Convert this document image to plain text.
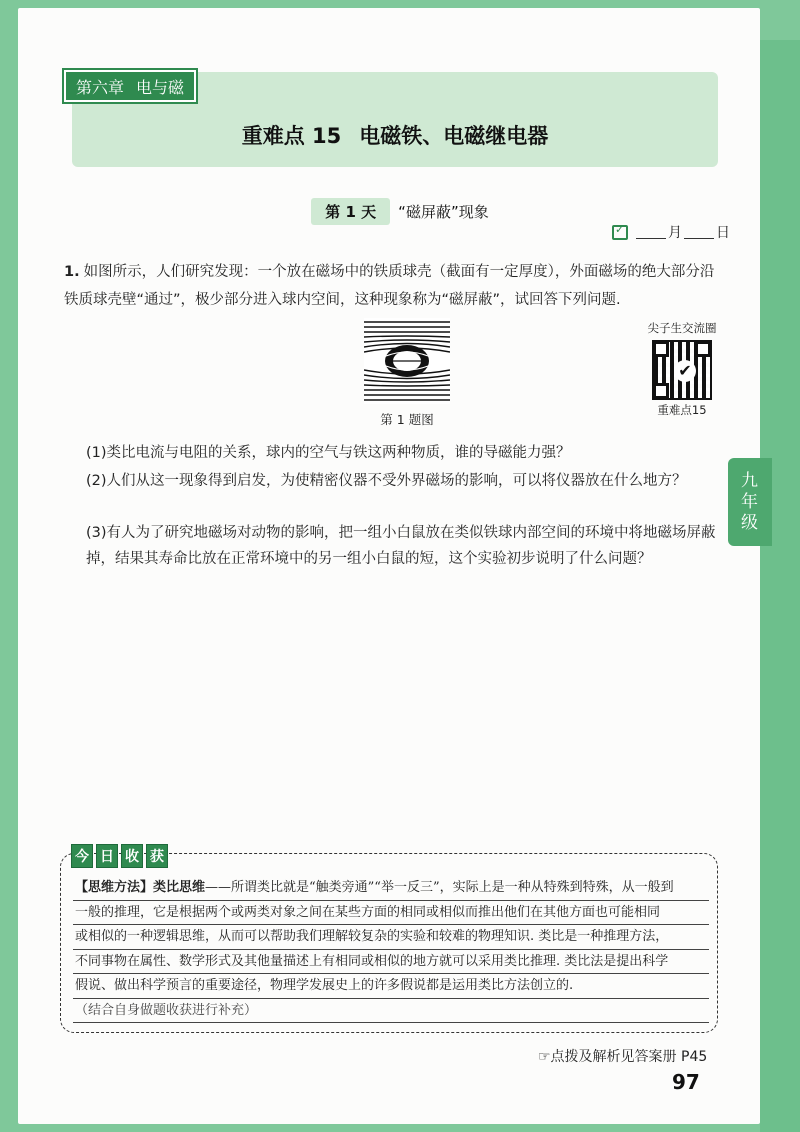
九
年
级
第六章 电与磁
重难点 15 电磁铁、电磁继电器
第 1 天 “磁屏蔽”现象
✓
月 日
1. 如图所示，人们研究发现：一个放在磁场中的铁质球壳（截面有一定厚度），外面磁场的绝大部分沿铁质球壳壁“通过”，极少部分进入球内空间，这种现象称为“磁屏蔽”，试回答下列问题.
第 1 题图
尖子生交流圈
✔
重难点15
(1)类比电流与电阻的关系，球内的空气与铁这两种物质，谁的导磁能力强？
(2)人们从这一现象得到启发，为使精密仪器不受外界磁场的影响，可以将仪器放在什么地方？
(3)有人为了研究地磁场对动物的影响，把一组小白鼠放在类似铁球内部空间的环境中将地磁场屏蔽掉，结果其寿命比放在正常环境中的另一组小白鼠的短，这个实验初步说明了什么问题？
今 日 收 获
【思维方法】类比思维——所谓类比就是“触类旁通”“举一反三”，实际上是一种从特殊到特殊，从一般到
一般的推理，它是根据两个或两类对象之间在某些方面的相同或相似而推出他们在其他方面也可能相同
或相似的一种逻辑思维，从而可以帮助我们理解较复杂的实验和较难的物理知识. 类比是一种推理方法，
不同事物在属性、数学形式及其他量描述上有相同或相似的地方就可以采用类比推理. 类比法是提出科学
假说、做出科学预言的重要途径，物理学发展史上的许多假说都是运用类比方法创立的.
（结合自身做题收获进行补充）
☞点拨及解析见答案册 P45
97
